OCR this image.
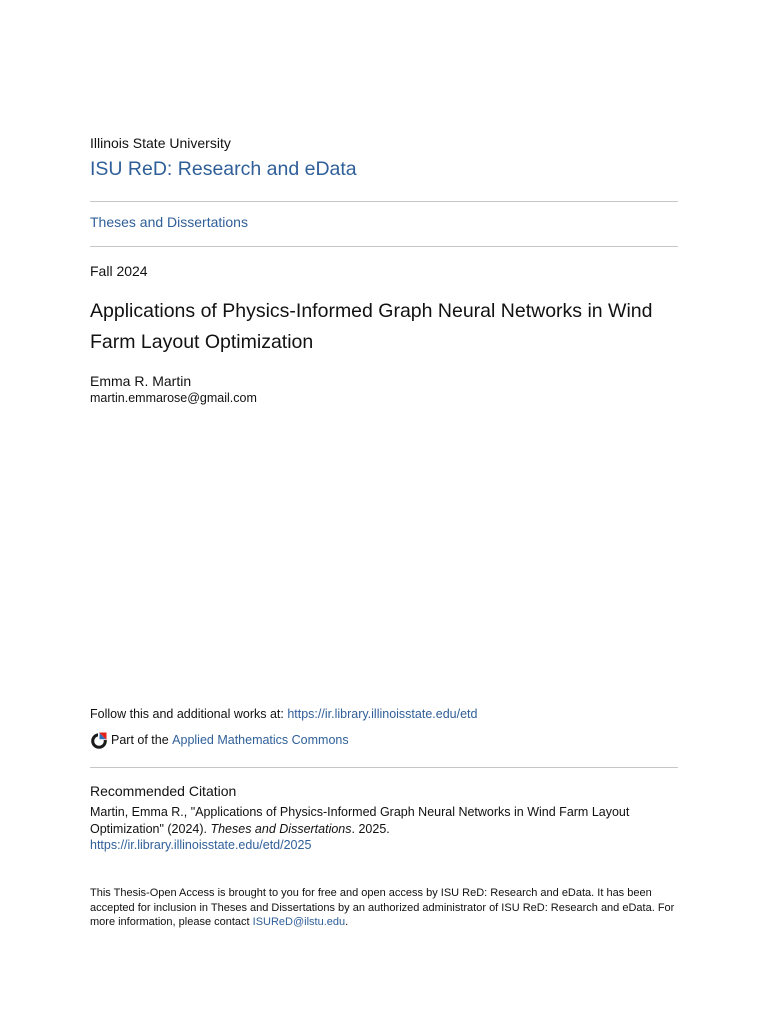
Illinois State University
ISU ReD: Research and eData
Theses and Dissertations
Fall 2024
Applications of Physics-Informed Graph Neural Networks in Wind Farm Layout Optimization
Emma R. Martin
martin.emmarose@gmail.com
Follow this and additional works at: https://ir.library.illinoisstate.edu/etd
Part of the Applied Mathematics Commons
Recommended Citation
Martin, Emma R., "Applications of Physics-Informed Graph Neural Networks in Wind Farm Layout Optimization" (2024). Theses and Dissertations. 2025.
https://ir.library.illinoisstate.edu/etd/2025
This Thesis-Open Access is brought to you for free and open access by ISU ReD: Research and eData. It has been accepted for inclusion in Theses and Dissertations by an authorized administrator of ISU ReD: Research and eData. For more information, please contact ISUReD@ilstu.edu.
